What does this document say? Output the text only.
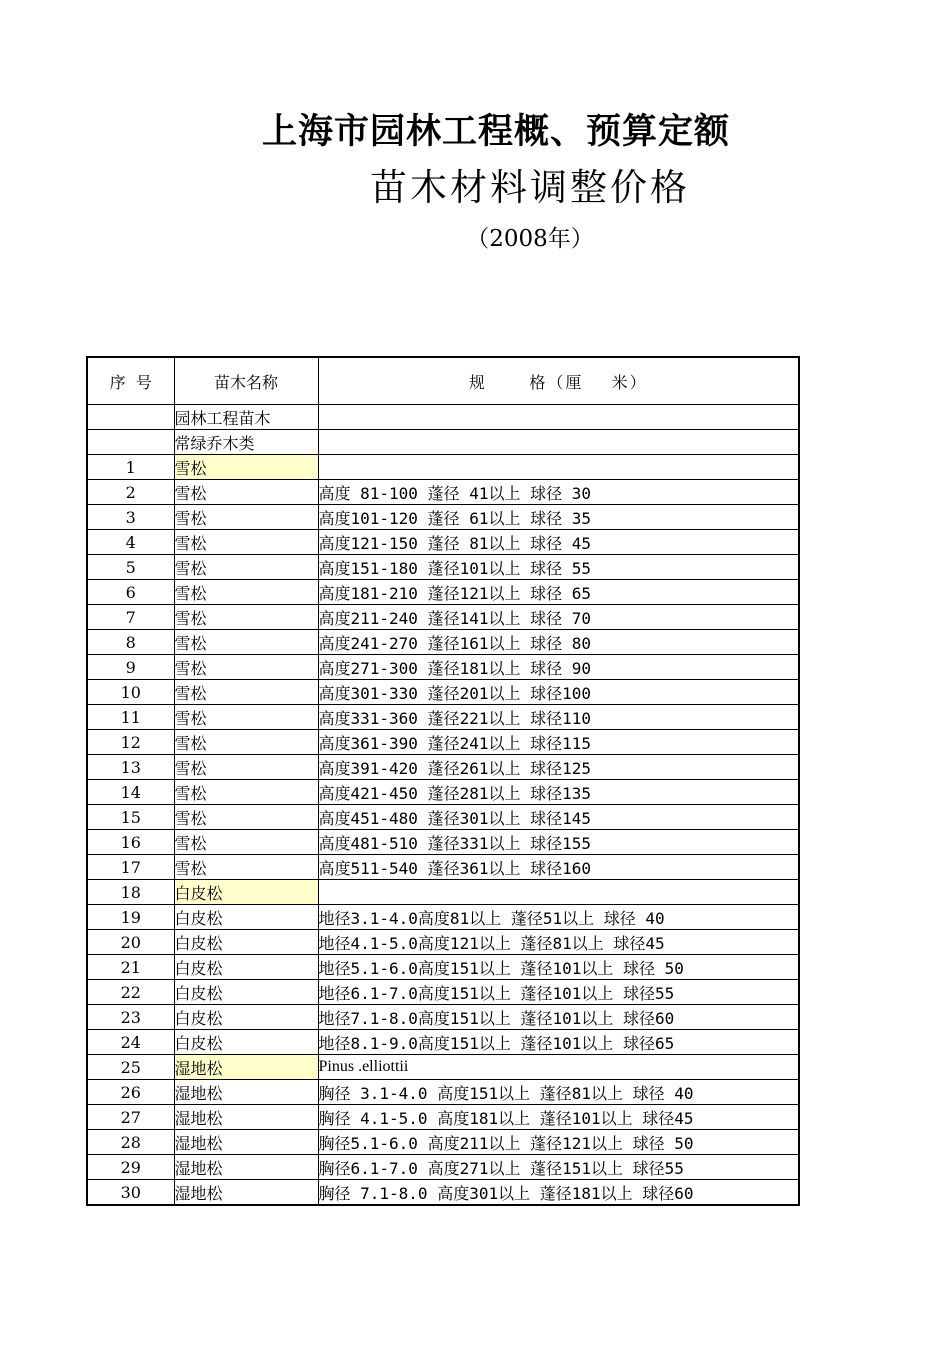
上海市园林工程概、预算定额
苗木材料调整价格
（2008年）
序  号	苗木名称	规      格（厘    米）
	园林工程苗木	
	常绿乔木类	
1	雪松	
2	雪松	高度 81-100 蓬径 41以上 球径 30
3	雪松	高度101-120 蓬径 61以上 球径 35
4	雪松	高度121-150 蓬径 81以上 球径 45
5	雪松	高度151-180 蓬径101以上 球径 55
6	雪松	高度181-210 蓬径121以上 球径 65
7	雪松	高度211-240 蓬径141以上 球径 70
8	雪松	高度241-270 蓬径161以上 球径 80
9	雪松	高度271-300 蓬径181以上 球径 90
10	雪松	高度301-330 蓬径201以上 球径100
11	雪松	高度331-360 蓬径221以上 球径110
12	雪松	高度361-390 蓬径241以上 球径115
13	雪松	高度391-420 蓬径261以上 球径125
14	雪松	高度421-450 蓬径281以上 球径135
15	雪松	高度451-480 蓬径301以上 球径145
16	雪松	高度481-510 蓬径331以上 球径155
17	雪松	高度511-540 蓬径361以上 球径160
18	白皮松	
19	白皮松	地径3.1-4.0高度81以上 蓬径51以上 球径 40
20	白皮松	地径4.1-5.0高度121以上 蓬径81以上 球径45
21	白皮松	地径5.1-6.0高度151以上 蓬径101以上 球径 50
22	白皮松	地径6.1-7.0高度151以上 蓬径101以上 球径55
23	白皮松	地径7.1-8.0高度151以上 蓬径101以上 球径60
24	白皮松	地径8.1-9.0高度151以上 蓬径101以上 球径65
25	湿地松	Pinus .elliottii
26	湿地松	胸径 3.1-4.0 高度151以上 蓬径81以上 球径 40
27	湿地松	胸径 4.1-5.0 高度181以上 蓬径101以上 球径45
28	湿地松	胸径5.1-6.0 高度211以上 蓬径121以上 球径 50
29	湿地松	胸径6.1-7.0 高度271以上 蓬径151以上 球径55
30	湿地松	胸径 7.1-8.0 高度301以上 蓬径181以上 球径60
